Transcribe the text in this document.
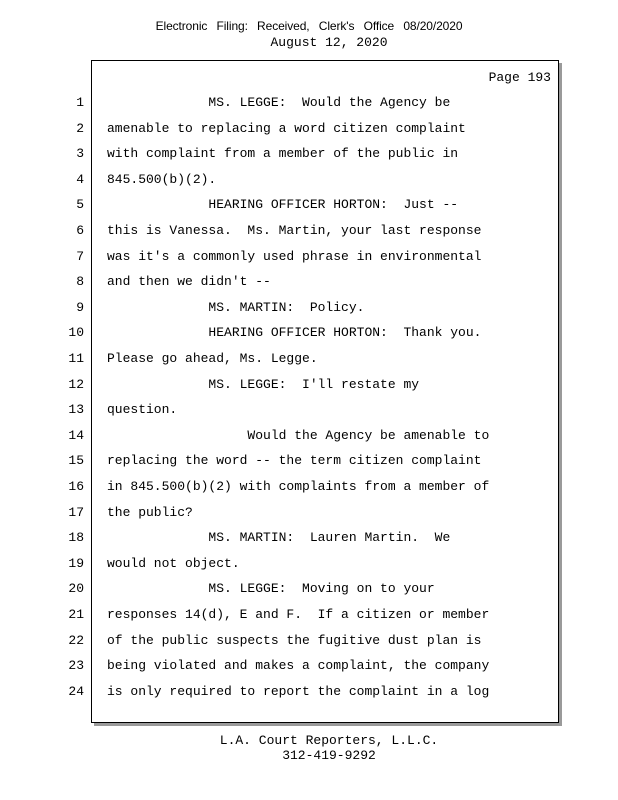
Electronic Filing: Received, Clerk's Office 08/20/2020
August 12, 2020
Page 193
1 MS. LEGGE:  Would the Agency be
2 amenable to replacing a word citizen complaint
3 with complaint from a member of the public in
4 845.500(b)(2).
5 HEARING OFFICER HORTON:  Just --
6 this is Vanessa.  Ms. Martin, your last response
7 was it's a commonly used phrase in environmental
8 and then we didn't --
9 MS. MARTIN:  Policy.
10 HEARING OFFICER HORTON:  Thank you.
11 Please go ahead, Ms. Legge.
12 MS. LEGGE:  I'll restate my
13 question.
14 Would the Agency be amenable to
15 replacing the word -- the term citizen complaint
16 in 845.500(b)(2) with complaints from a member of
17 the public?
18 MS. MARTIN:  Lauren Martin.  We
19 would not object.
20 MS. LEGGE:  Moving on to your
21 responses 14(d), E and F.  If a citizen or member
22 of the public suspects the fugitive dust plan is
23 being violated and makes a complaint, the company
24 is only required to report the complaint in a log
L.A. Court Reporters, L.L.C.
312-419-9292
